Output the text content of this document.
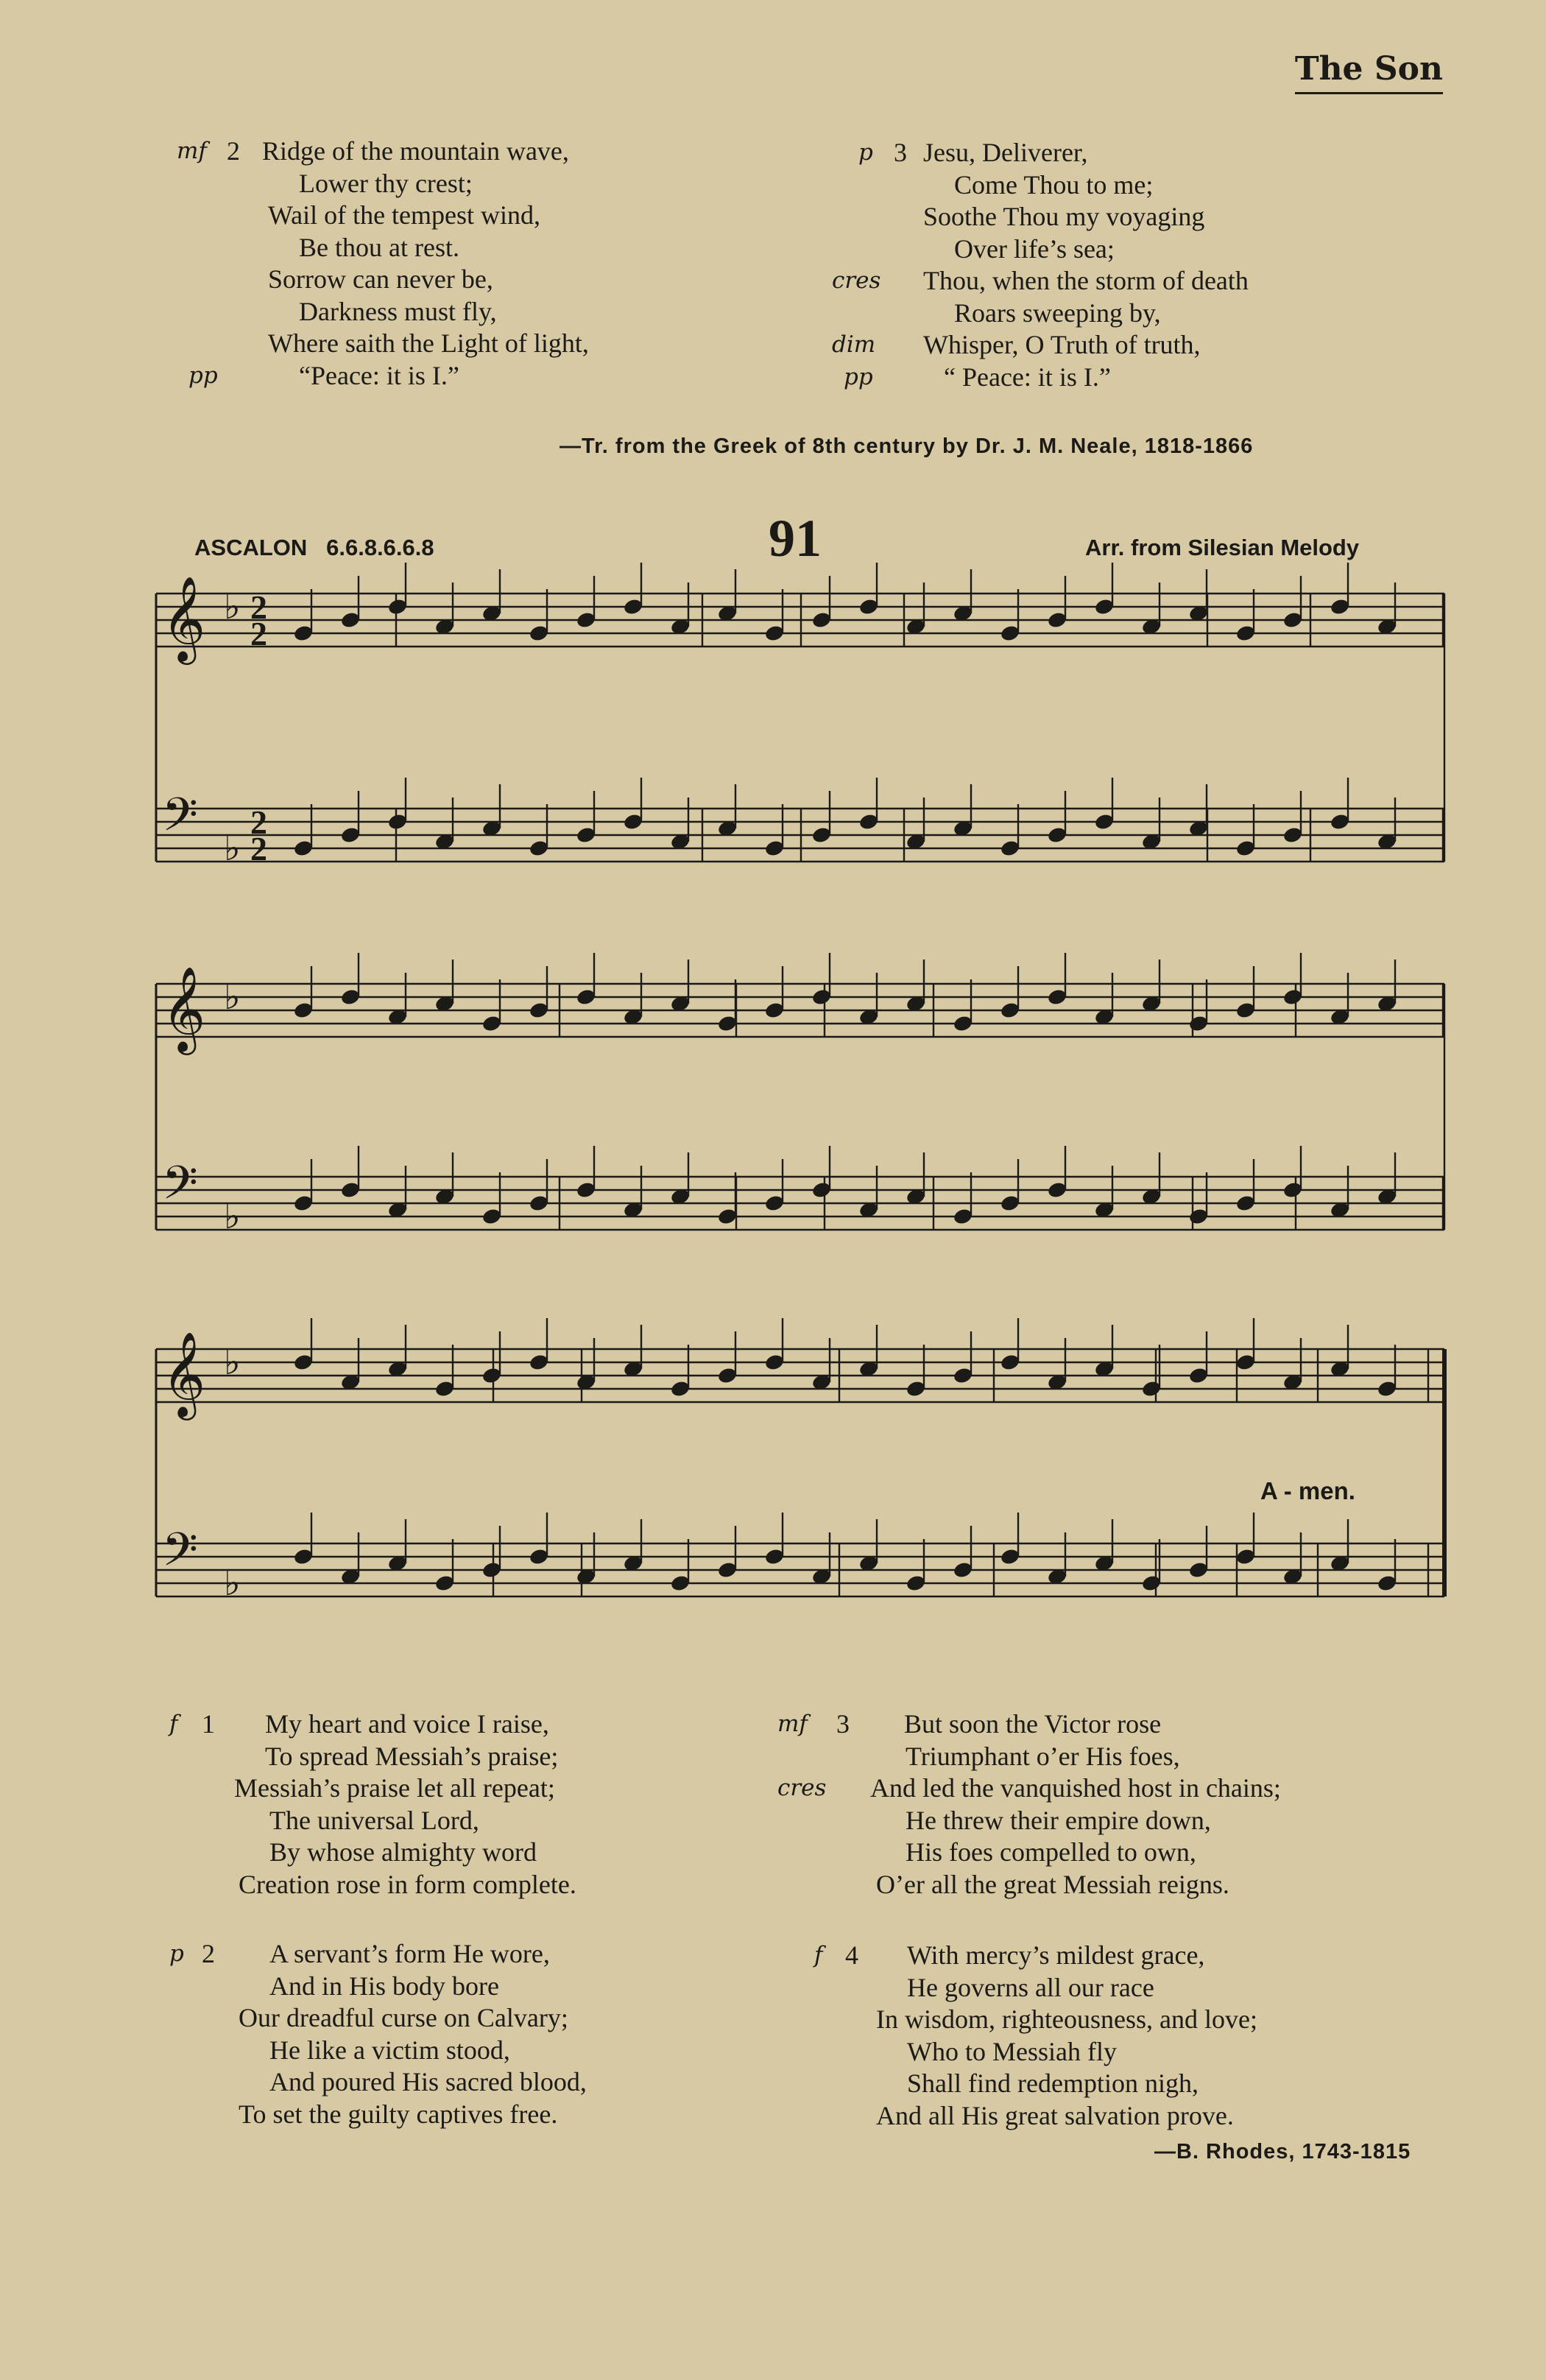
The Son
mf 2 Ridge of the mountain wave,
Lower thy crest;
Wail of the tempest wind,
Be thou at rest.
Sorrow can never be,
Darkness must fly,
Where saith the Light of light,
pp	“Peace: it is I.”
p 3 Jesu, Deliverer,
Come Thou to me;
Soothe Thou my voyaging
Over life’s sea;
cres Thou, when the storm of death
Roars sweeping by,
dim Whisper, O Truth of truth,
pp	“ Peace: it is I.”
—Tr. from the Greek of 8th century by Dr. J. M. Neale, 1818-1866
ASCALON 6.6.8.6.6.8	91	Arr. from Silesian Melody
𝄞 ♭ 2
2
𝄢 ♭
2
2
𝄞 ♭
𝄢 ♭
𝄞 ♭
𝄢 ♭
A - men.
f 1 My heart and voice I raise,
To spread Messiah’s praise;
Messiah’s praise let all repeat;
The universal Lord,
By whose almighty word
Creation rose in form complete.
p 2 A servant’s form He wore,
And in His body bore
Our dreadful curse on Calvary;
He like a victim stood,
And poured His sacred blood,
To set the guilty captives free.
mf 3 But soon the Victor rose
Triumphant o’er His foes,
cres And led the vanquished host in chains;
He threw their empire down,
His foes compelled to own,
O’er all the great Messiah reigns.
f 4 With mercy’s mildest grace,
He governs all our race
In wisdom, righteousness, and love;
Who to Messiah fly
Shall find redemption nigh,
And all His great salvation prove.
—B. Rhodes, 1743-1815
